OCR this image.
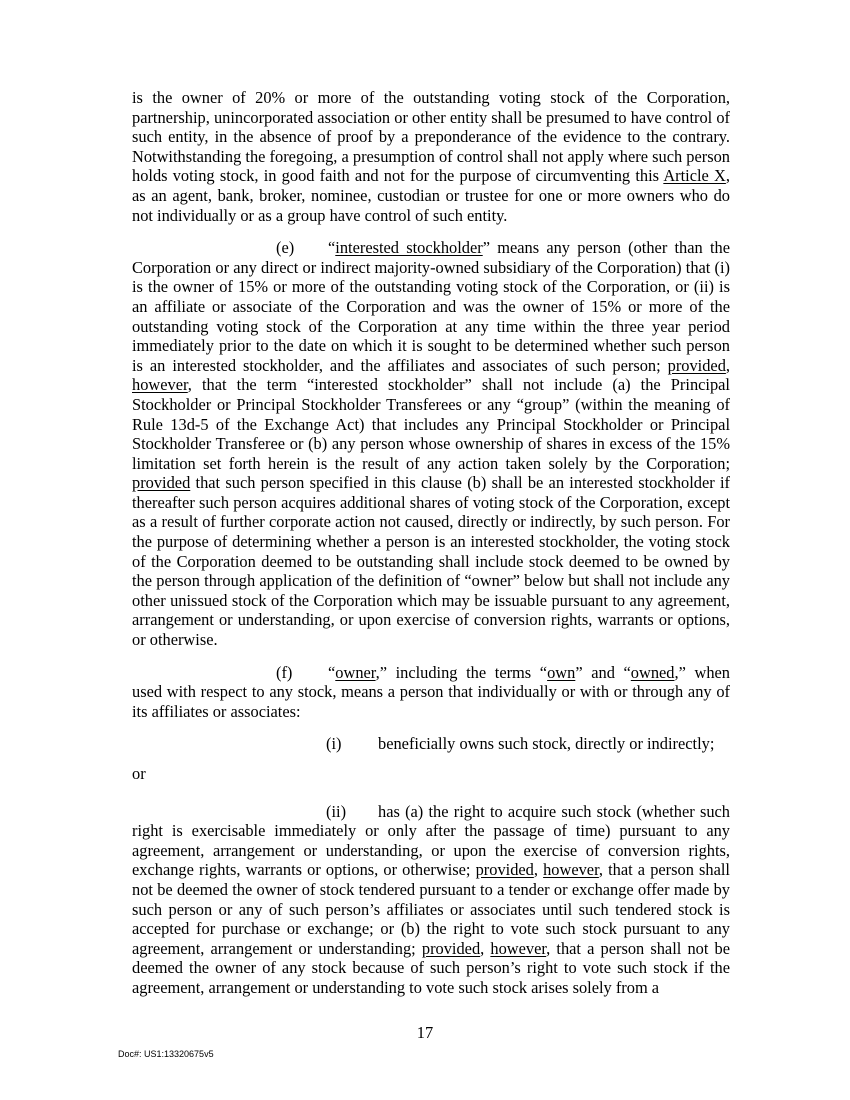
is the owner of 20% or more of the outstanding voting stock of the Corporation, partnership, unincorporated association or other entity shall be presumed to have control of such entity, in the absence of proof by a preponderance of the evidence to the contrary. Notwithstanding the foregoing, a presumption of control shall not apply where such person holds voting stock, in good faith and not for the purpose of circumventing this Article X, as an agent, bank, broker, nominee, custodian or trustee for one or more owners who do not individually or as a group have control of such entity.

(e) “interested stockholder” means any person (other than the Corporation or any direct or indirect majority-owned subsidiary of the Corporation) that (i) is the owner of 15% or more of the outstanding voting stock of the Corporation, or (ii) is an affiliate or associate of the Corporation and was the owner of 15% or more of the outstanding voting stock of the Corporation at any time within the three year period immediately prior to the date on which it is sought to be determined whether such person is an interested stockholder, and the affiliates and associates of such person; provided, however, that the term “interested stockholder” shall not include (a) the Principal Stockholder or Principal Stockholder Transferees or any “group” (within the meaning of Rule 13d-5 of the Exchange Act) that includes any Principal Stockholder or Principal Stockholder Transferee or (b) any person whose ownership of shares in excess of the 15% limitation set forth herein is the result of any action taken solely by the Corporation; provided that such person specified in this clause (b) shall be an interested stockholder if thereafter such person acquires additional shares of voting stock of the Corporation, except as a result of further corporate action not caused, directly or indirectly, by such person. For the purpose of determining whether a person is an interested stockholder, the voting stock of the Corporation deemed to be outstanding shall include stock deemed to be owned by the person through application of the definition of “owner” below but shall not include any other unissued stock of the Corporation which may be issuable pursuant to any agreement, arrangement or understanding, or upon exercise of conversion rights, warrants or options, or otherwise.

(f) “owner,” including the terms “own” and “owned,” when used with respect to any stock, means a person that individually or with or through any of its affiliates or associates:

(i) beneficially owns such stock, directly or indirectly;

or

(ii) has (a) the right to acquire such stock (whether such right is exercisable immediately or only after the passage of time) pursuant to any agreement, arrangement or understanding, or upon the exercise of conversion rights, exchange rights, warrants or options, or otherwise; provided, however, that a person shall not be deemed the owner of stock tendered pursuant to a tender or exchange offer made by such person or any of such person’s affiliates or associates until such tendered stock is accepted for purchase or exchange; or (b) the right to vote such stock pursuant to any agreement, arrangement or understanding; provided, however, that a person shall not be deemed the owner of any stock because of such person’s right to vote such stock if the agreement, arrangement or understanding to vote such stock arises solely from a

17
Doc#: US1:13320675v5
